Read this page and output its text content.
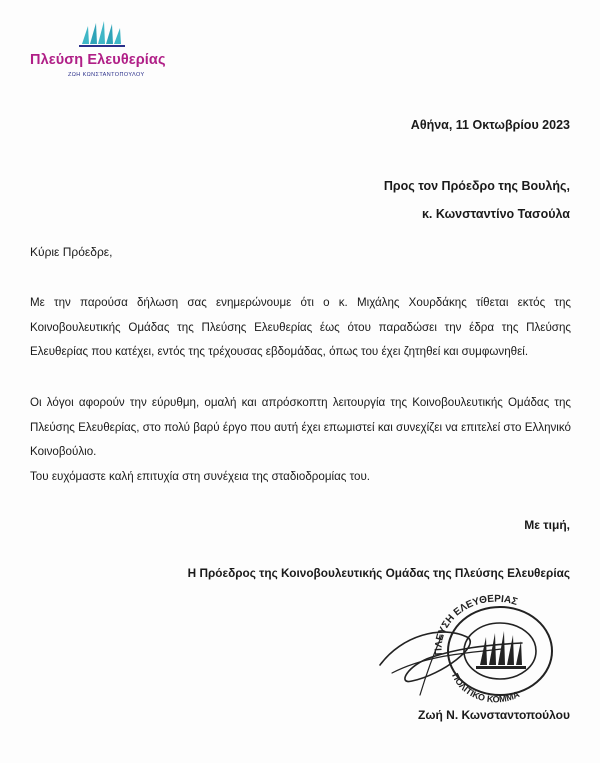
Πλεύση Ελευθερίας
ΖΩΗ ΚΩΝΣΤΑΝΤΟΠΟΥΛΟΥ
Αθήνα, 11 Οκτωβρίου 2023
Προς τον Πρόεδρο της Βουλής,
κ. Κωνσταντίνο Τασούλα
Κύριε Πρόεδρε,
Με την παρούσα δήλωση σας ενημερώνουμε ότι ο κ. Μιχάλης Χουρδάκης τίθεται εκτός της Κοινοβουλευτικής Ομάδας της Πλεύσης Ελευθερίας έως ότου παραδώσει την έδρα της Πλεύσης Ελευθερίας που κατέχει, εντός της τρέχουσας εβδομάδας, όπως του έχει ζητηθεί και συμφωνηθεί.
Οι λόγοι αφορούν την εύρυθμη, ομαλή και απρόσκοπτη λειτουργία της Κοινοβουλευτικής Ομάδας της Πλεύσης Ελευθερίας, στο πολύ βαρύ έργο που αυτή έχει επωμιστεί και συνεχίζει να επιτελεί στο Ελληνικό Κοινοβούλιο.
Του ευχόμαστε καλή επιτυχία στη συνέχεια της σταδιοδρομίας του.
Με τιμή,
Η Πρόεδρος της Κοινοβουλευτικής Ομάδας της Πλεύσης Ελευθερίας
ΠΛΕΥΣΗ ΕΛΕΥΘΕΡΙΑΣ
ΠΟΛΙΤΙΚΟ ΚΟΜΜΑ
Ζωή Ν. Κωνσταντοπούλου
